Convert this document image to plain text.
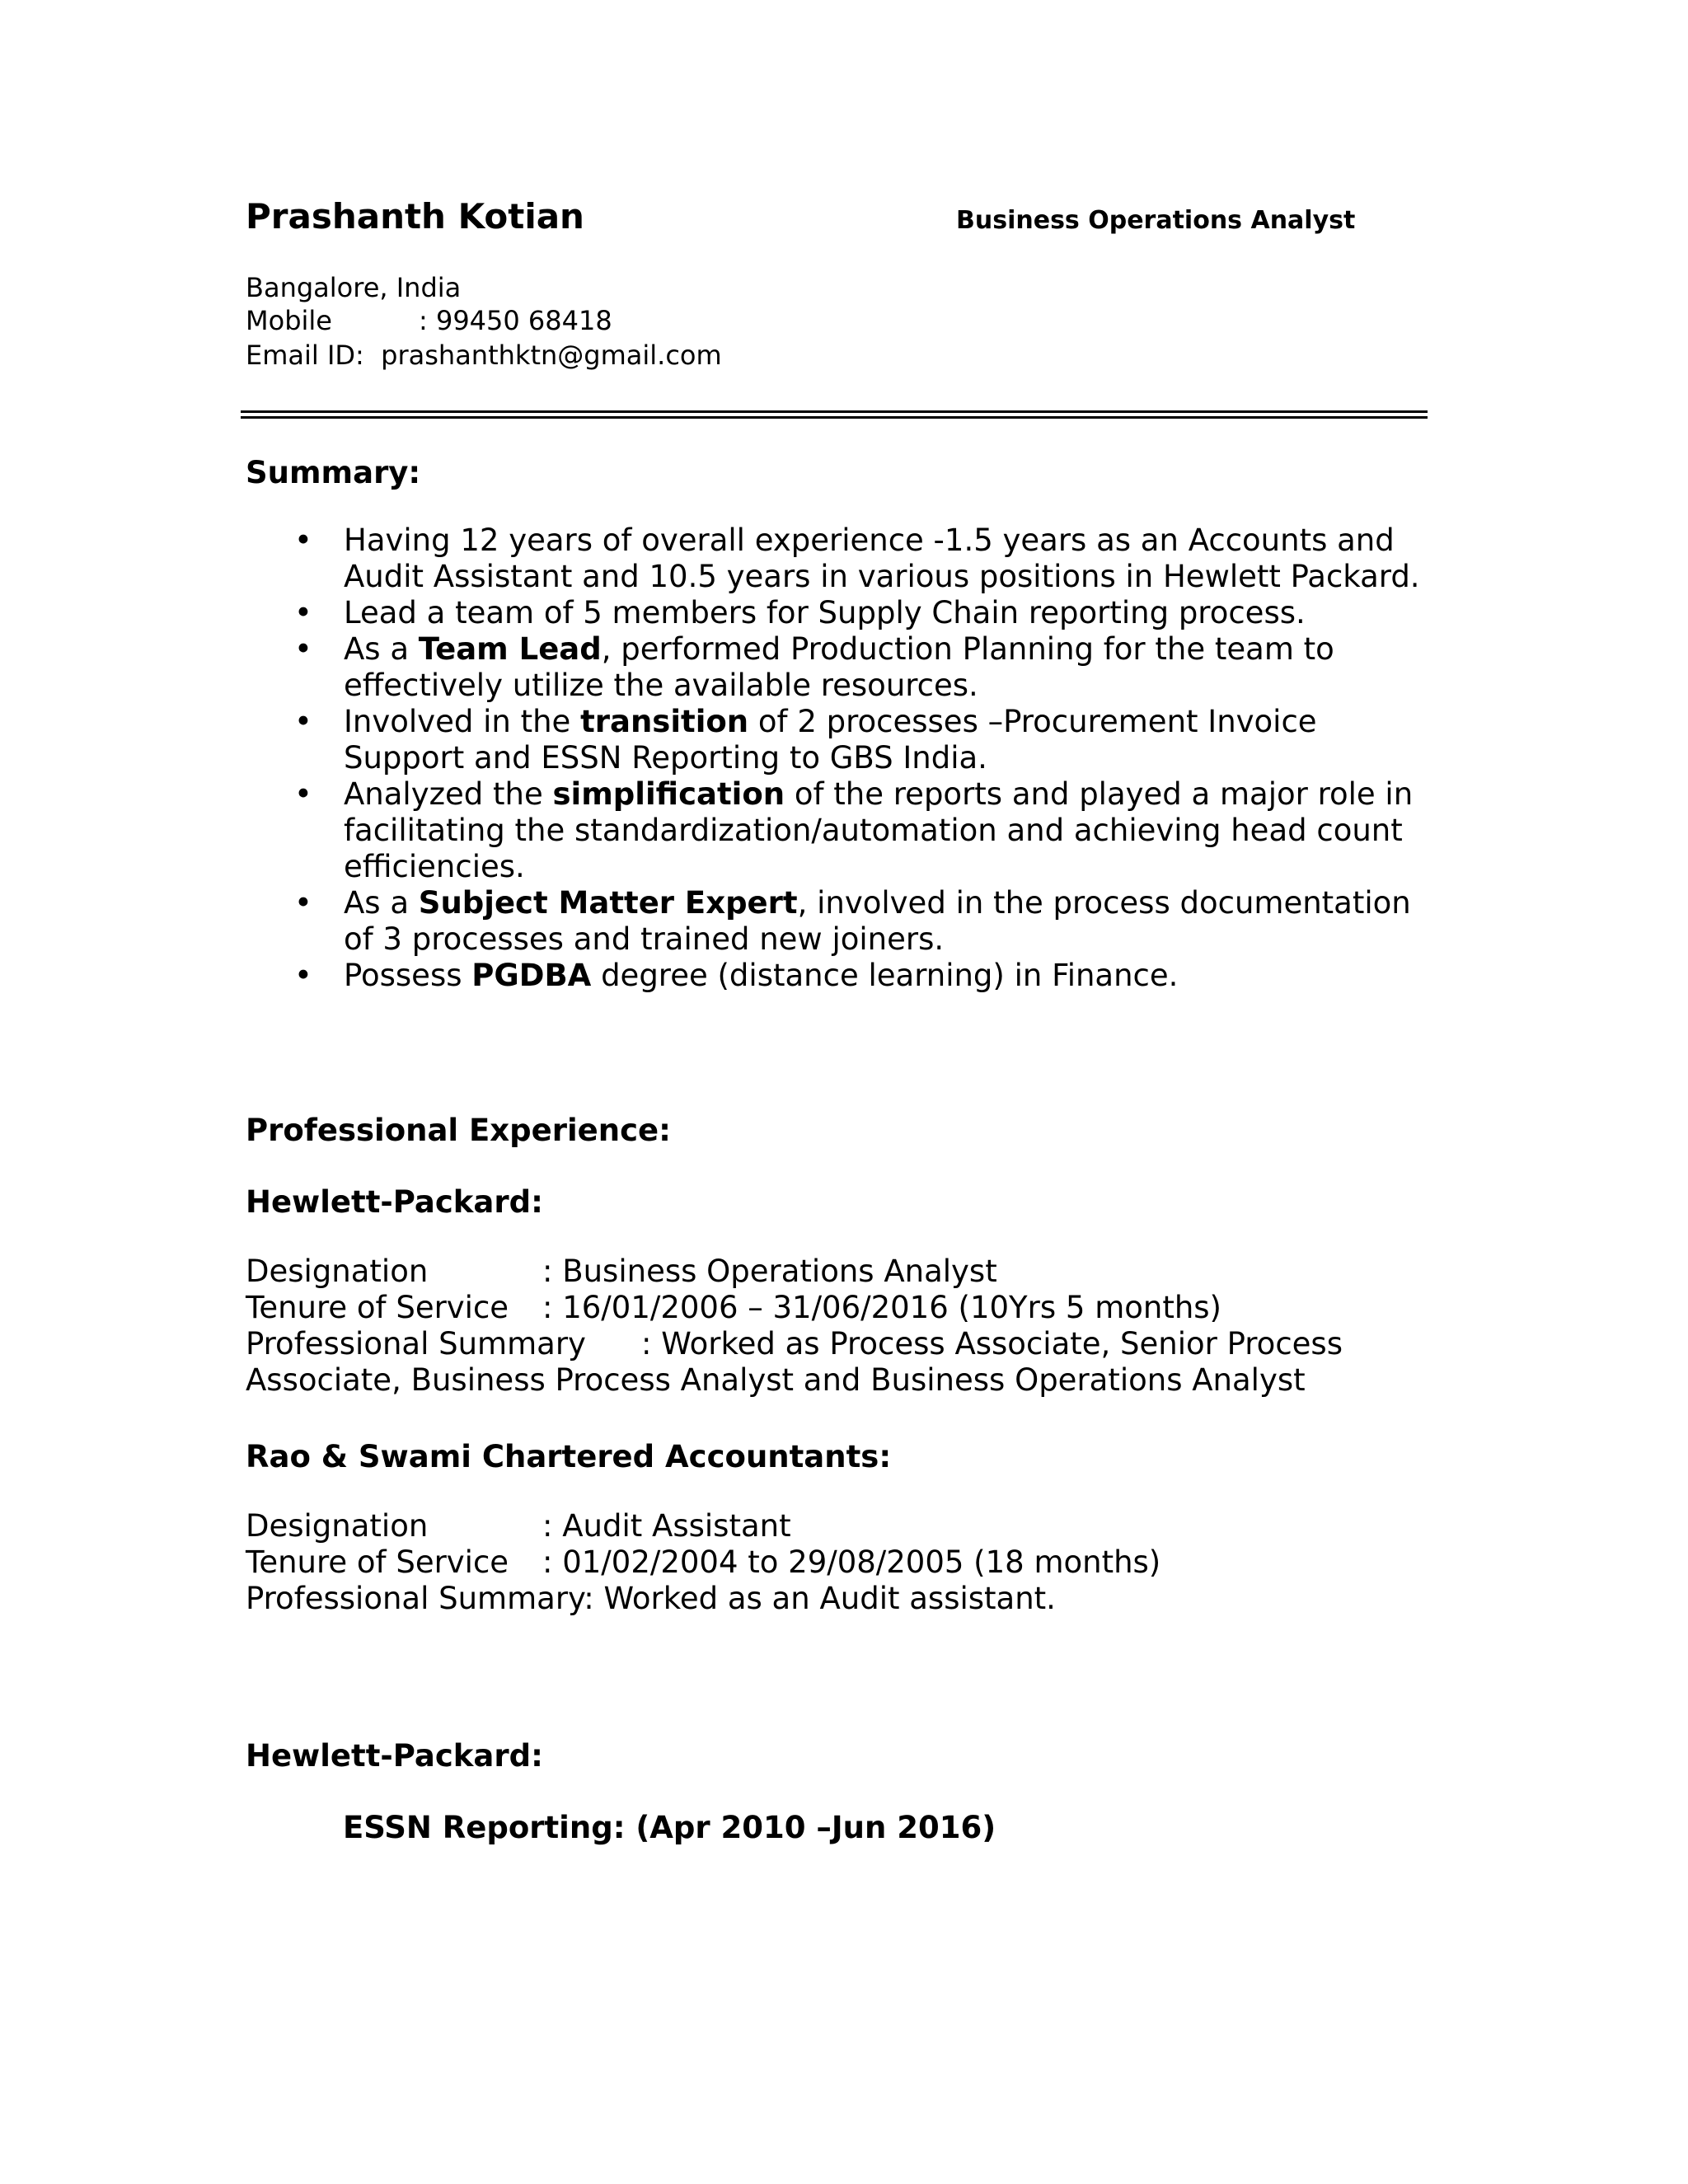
Prashanth Kotian	Business Operations Analyst
Bangalore, India
Mobile	: 99450 68418
Email ID: prashanthktn@gmail.com
Summary:
• Having 12 years of overall experience -1.5 years as an Accounts and Audit Assistant and 10.5 years in various positions in Hewlett Packard.
• Lead a team of 5 members for Supply Chain reporting process.
• As a Team Lead, performed Production Planning for the team to effectively utilize the available resources.
• Involved in the transition of 2 processes –Procurement Invoice Support and ESSN Reporting to GBS India.
• Analyzed the simplification of the reports and played a major role in facilitating the standardization/automation and achieving head count efficiencies.
• As a Subject Matter Expert, involved in the process documentation of 3 processes and trained new joiners.
• Possess PGDBA degree (distance learning) in Finance.
Professional Experience:
Hewlett-Packard:
Designation	: Business Operations Analyst
Tenure of Service : 16/01/2006 – 31/06/2016 (10Yrs 5 months)
Professional Summary : Worked as Process Associate, Senior Process
Associate, Business Process Analyst and Business Operations Analyst
Rao & Swami Chartered Accountants:
Designation	: Audit Assistant
Tenure of Service : 01/02/2004 to 29/08/2005 (18 months)
Professional Summary: Worked as an Audit assistant.
Hewlett-Packard:
ESSN Reporting: (Apr 2010 –Jun 2016)
